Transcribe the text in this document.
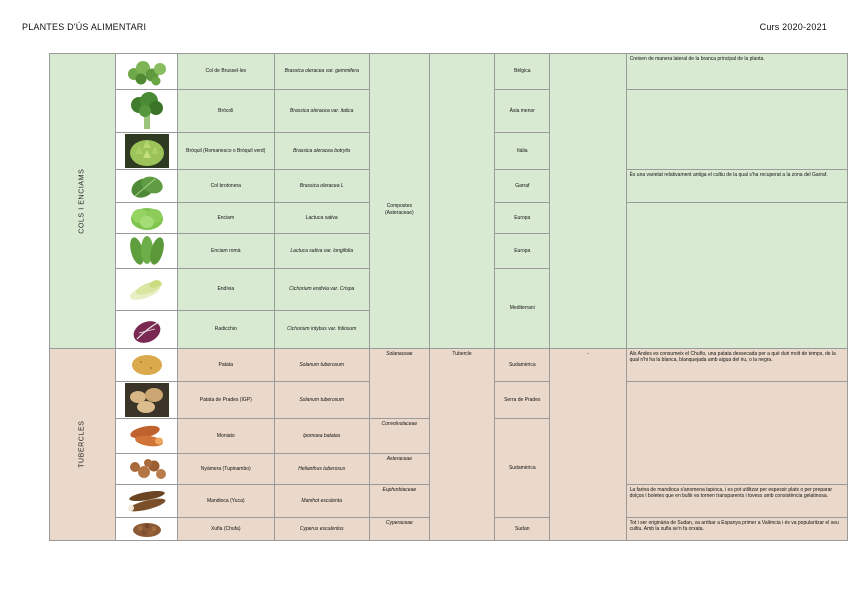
PLANTES D'ÚS ALIMENTARI	Curs 2020-2021
COLS I ENCIAMS		Col de Brussel·les	Brassica oleracea var. gemmifera	Compostes (Asteraceae)		Bèlgica		Creixen de manera lateral de la branca principal de la planta.

	Bròcoli	Brassica oleracea var. italica			Àsia menor		

	Bròquil (Romanesco o Bròquil verd)	Brassica oleracea botrytis			Itàlia		

	Col brotonera	Brassica oleracea L			Garraf		És una varietat relativament antiga el cultiu de la qual s'ha recuperat a la zona del Garraf.

	Enciam	Lactuca sativa			Europa		

	Enciam romà	Lactuca sativa var. longifolia			Europa		

	Endívia	Cichorium endivia var. Crispa			Mediterrani		

	Radicchio	Cichorium intybus var. foliosum					
TUBERCLES		Patata	Solanum tuberosum	Solanaceae	Tubercle	Sudamèrica	-	Als Andes es consumeix el Chuño, una patata dessecada per a què duri molt de temps, de la qual n'hi ha la blanca, blanquejada amb aigua del riu, o la negra.

	Patata de Prades (IGP)	Solanum tuberosum			Serra de Prades		

	Moniato	Ipomoea batatas	Convolvulaceae		Sudamèrica		

	Nyàmera (Tupinambo)	Helianthus tuberosus	Asteraceae				

	Mandioca (Yuca)	Manihot esculenta	Euphorbiaceae				La farina de mandioca s'anomena tapioca, i es pot utilitzar per espessir plats o per preparar dolços i boletes que en bullir es tornen transparents i tovess amb consistència gelatinosa.

	Xufla (Chufa)	Cyperus esculentus	Cyperaceae		Sudan		Tot i ser originària de Sudan, va arribar a Espanya primer a València i és va popularitzar el seu cultiu. Amb la xufla se'n fa orxata.
